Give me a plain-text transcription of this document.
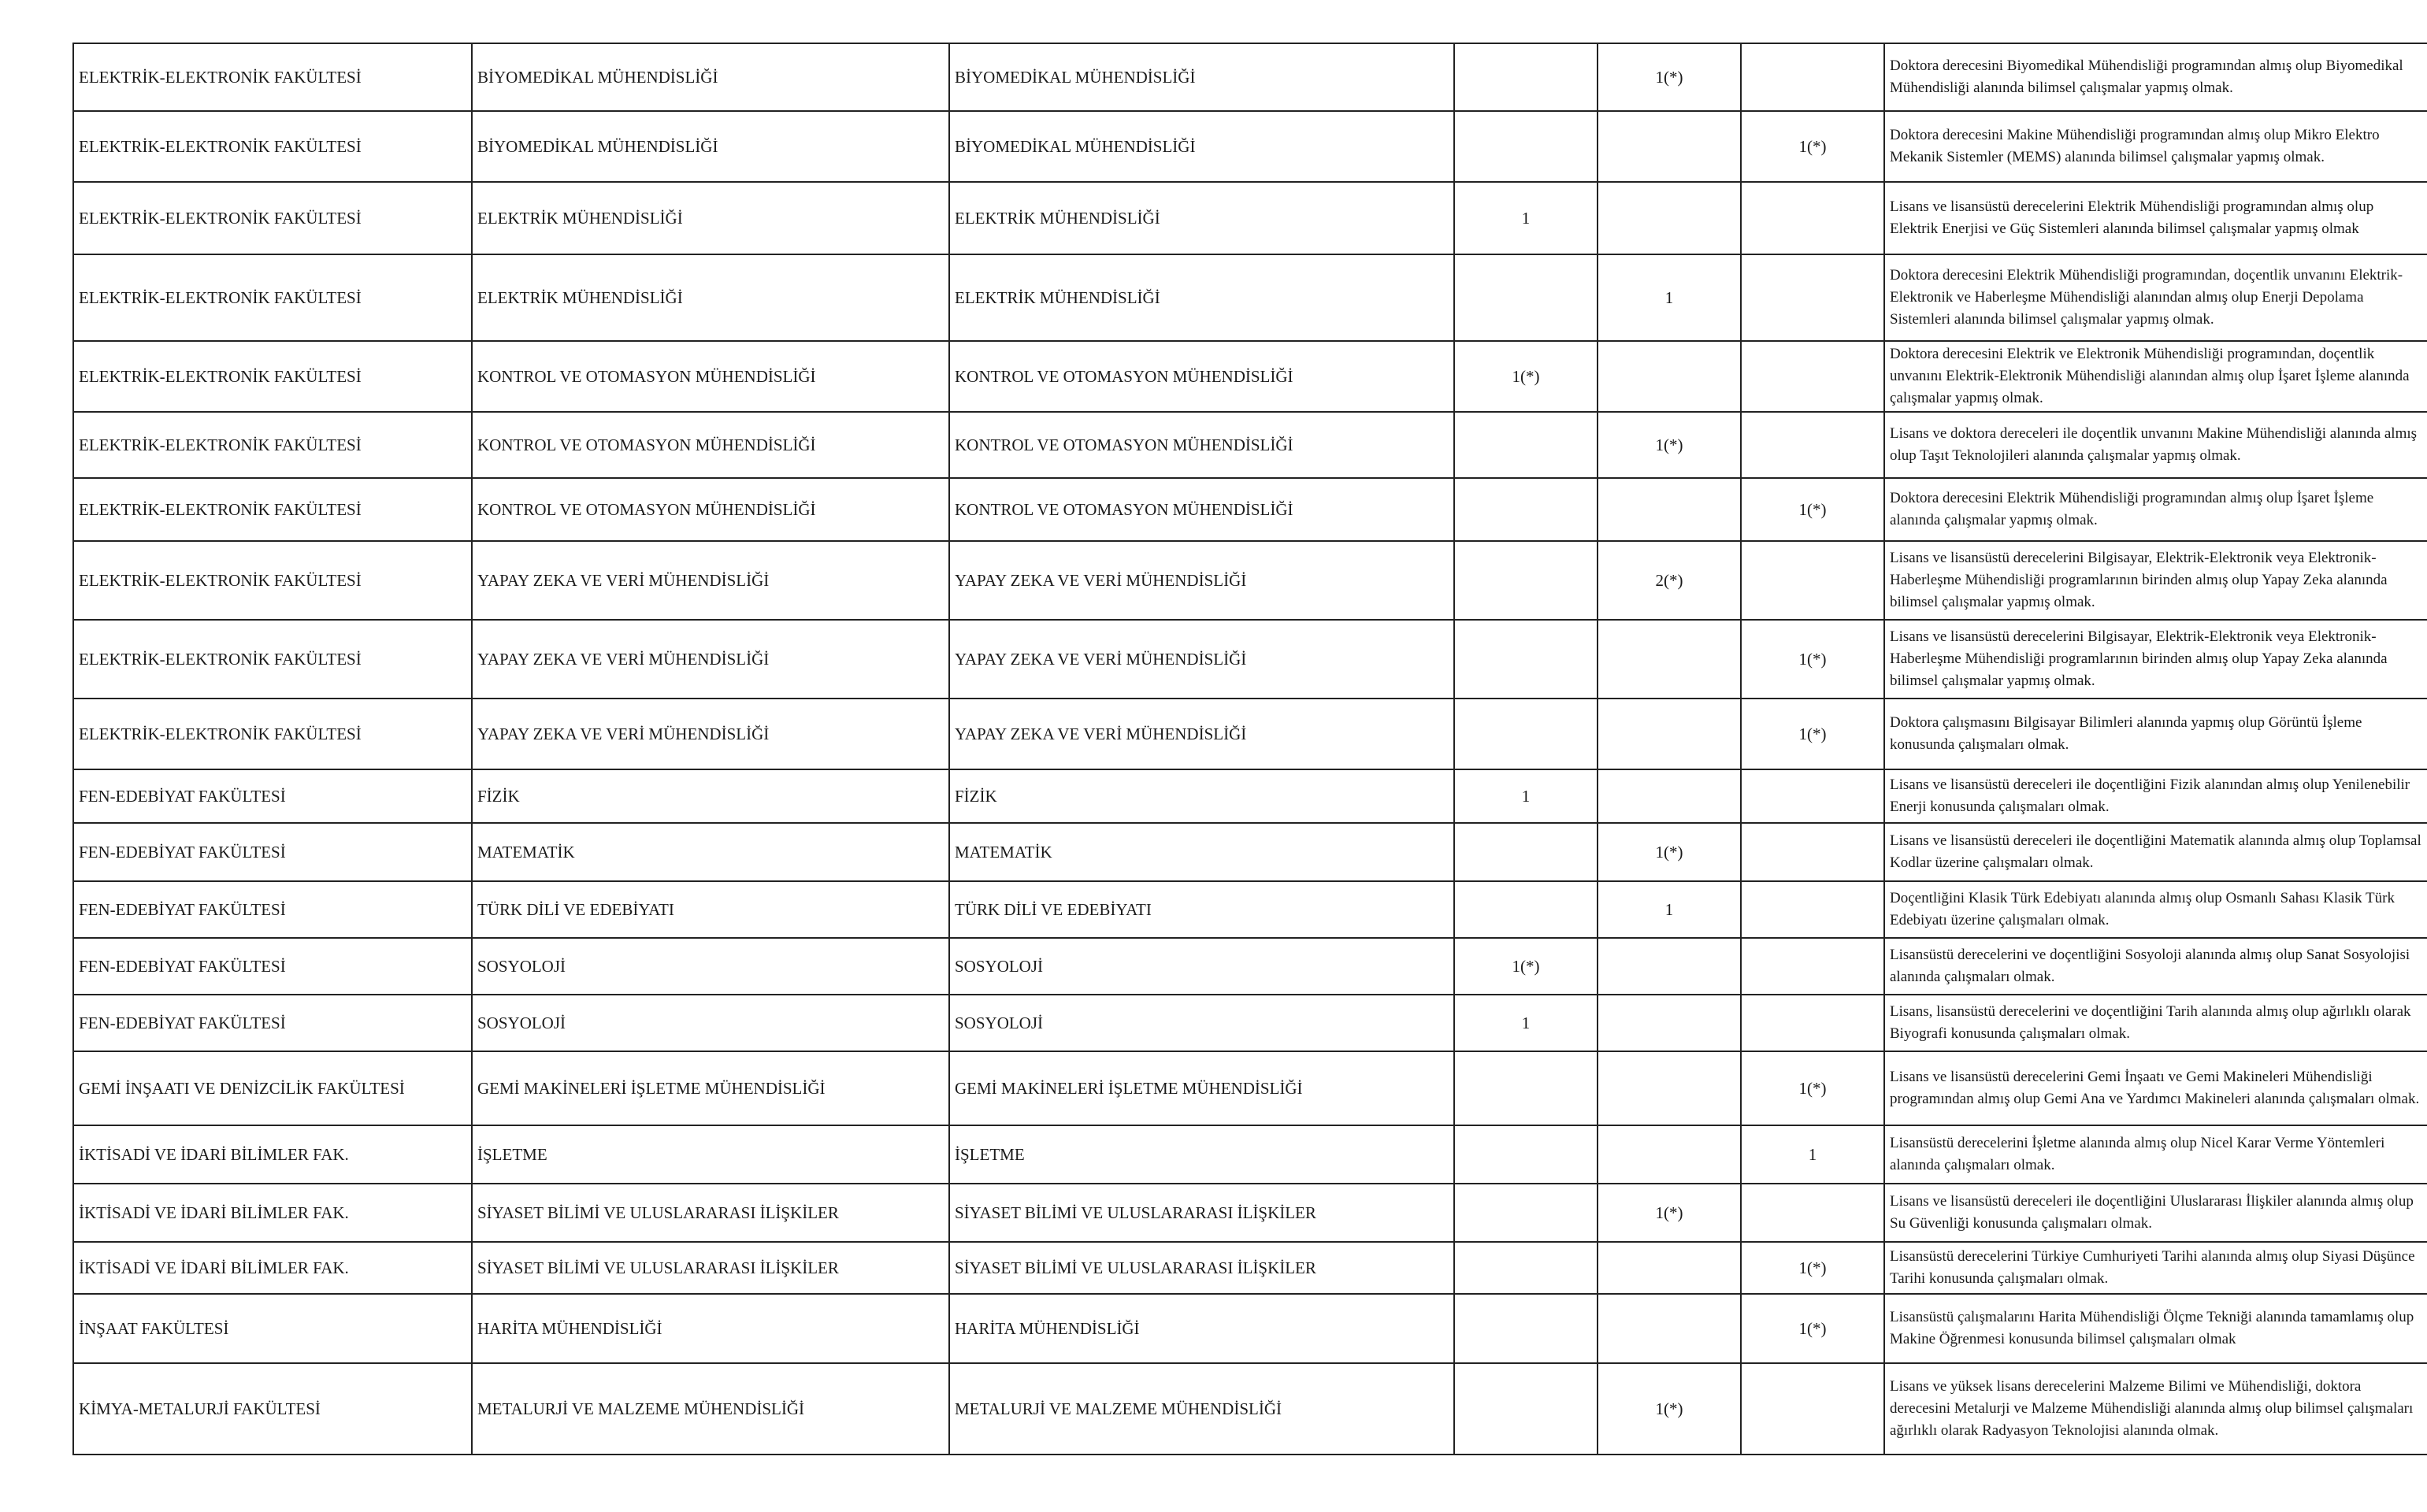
ELEKTRİK-ELEKTRONİK FAKÜLTESİ	BİYOMEDİKAL MÜHENDİSLİĞİ	BİYOMEDİKAL MÜHENDİSLİĞİ		1(*)		Doktora derecesini Biyomedikal Mühendisliği programından almış olup Biyomedikal Mühendisliği alanında bilimsel çalışmalar yapmış olmak.
ELEKTRİK-ELEKTRONİK FAKÜLTESİ	BİYOMEDİKAL MÜHENDİSLİĞİ	BİYOMEDİKAL MÜHENDİSLİĞİ			1(*)	Doktora derecesini Makine Mühendisliği programından almış olup Mikro Elektro Mekanik Sistemler (MEMS) alanında bilimsel çalışmalar yapmış olmak.
ELEKTRİK-ELEKTRONİK FAKÜLTESİ	ELEKTRİK MÜHENDİSLİĞİ	ELEKTRİK MÜHENDİSLİĞİ	1			Lisans ve lisansüstü derecelerini Elektrik Mühendisliği programından almış olup Elektrik Enerjisi ve Güç Sistemleri alanında bilimsel çalışmalar yapmış olmak
ELEKTRİK-ELEKTRONİK FAKÜLTESİ	ELEKTRİK MÜHENDİSLİĞİ	ELEKTRİK MÜHENDİSLİĞİ		1		Doktora derecesini Elektrik Mühendisliği programından, doçentlik unvanını Elektrik-Elektronik ve Haberleşme Mühendisliği alanından almış olup Enerji Depolama Sistemleri alanında bilimsel çalışmalar yapmış olmak.
ELEKTRİK-ELEKTRONİK FAKÜLTESİ	KONTROL VE OTOMASYON MÜHENDİSLİĞİ	KONTROL VE OTOMASYON MÜHENDİSLİĞİ	1(*)			Doktora derecesini Elektrik ve Elektronik Mühendisliği programından, doçentlik unvanını Elektrik-Elektronik Mühendisliği alanından almış olup İşaret İşleme alanında çalışmalar yapmış olmak.
ELEKTRİK-ELEKTRONİK FAKÜLTESİ	KONTROL VE OTOMASYON MÜHENDİSLİĞİ	KONTROL VE OTOMASYON MÜHENDİSLİĞİ		1(*)		Lisans ve doktora dereceleri ile doçentlik unvanını Makine Mühendisliği alanında almış olup Taşıt Teknolojileri alanında çalışmalar yapmış olmak.
ELEKTRİK-ELEKTRONİK FAKÜLTESİ	KONTROL VE OTOMASYON MÜHENDİSLİĞİ	KONTROL VE OTOMASYON MÜHENDİSLİĞİ			1(*)	Doktora derecesini Elektrik Mühendisliği programından almış olup İşaret İşleme alanında çalışmalar yapmış olmak.
ELEKTRİK-ELEKTRONİK FAKÜLTESİ	YAPAY ZEKA VE VERİ MÜHENDİSLİĞİ	YAPAY ZEKA VE VERİ MÜHENDİSLİĞİ		2(*)		Lisans ve lisansüstü derecelerini Bilgisayar, Elektrik-Elektronik veya Elektronik-Haberleşme Mühendisliği programlarının birinden almış olup Yapay Zeka alanında bilimsel çalışmalar yapmış olmak.
ELEKTRİK-ELEKTRONİK FAKÜLTESİ	YAPAY ZEKA VE VERİ MÜHENDİSLİĞİ	YAPAY ZEKA VE VERİ MÜHENDİSLİĞİ			1(*)	Lisans ve lisansüstü derecelerini Bilgisayar, Elektrik-Elektronik veya Elektronik-Haberleşme Mühendisliği programlarının birinden almış olup Yapay Zeka alanında bilimsel çalışmalar yapmış olmak.
ELEKTRİK-ELEKTRONİK FAKÜLTESİ	YAPAY ZEKA VE VERİ MÜHENDİSLİĞİ	YAPAY ZEKA VE VERİ MÜHENDİSLİĞİ			1(*)	Doktora çalışmasını Bilgisayar Bilimleri alanında yapmış olup Görüntü İşleme konusunda çalışmaları olmak.
FEN-EDEBİYAT FAKÜLTESİ	FİZİK	FİZİK	1			Lisans ve lisansüstü dereceleri ile doçentliğini Fizik alanından almış olup Yenilenebilir Enerji konusunda çalışmaları olmak.
FEN-EDEBİYAT FAKÜLTESİ	MATEMATİK	MATEMATİK		1(*)		Lisans ve lisansüstü dereceleri ile doçentliğini Matematik alanında almış olup Toplamsal Kodlar üzerine çalışmaları olmak.
FEN-EDEBİYAT FAKÜLTESİ	TÜRK DİLİ VE EDEBİYATI	TÜRK DİLİ VE EDEBİYATI		1		Doçentliğini Klasik Türk Edebiyatı alanında almış olup Osmanlı Sahası Klasik Türk Edebiyatı üzerine çalışmaları olmak.
FEN-EDEBİYAT FAKÜLTESİ	SOSYOLOJİ	SOSYOLOJİ	1(*)			Lisansüstü derecelerini ve doçentliğini Sosyoloji alanında almış olup Sanat Sosyolojisi alanında çalışmaları olmak.
FEN-EDEBİYAT FAKÜLTESİ	SOSYOLOJİ	SOSYOLOJİ	1			Lisans, lisansüstü derecelerini ve doçentliğini Tarih alanında almış olup ağırlıklı olarak Biyografi konusunda çalışmaları olmak.
GEMİ İNŞAATI VE DENİZCİLİK FAKÜLTESİ	GEMİ MAKİNELERİ İŞLETME MÜHENDİSLİĞİ	GEMİ MAKİNELERİ İŞLETME MÜHENDİSLİĞİ			1(*)	Lisans ve lisansüstü derecelerini Gemi İnşaatı ve Gemi Makineleri Mühendisliği programından almış olup Gemi Ana ve Yardımcı Makineleri alanında çalışmaları olmak.
İKTİSADİ VE İDARİ BİLİMLER FAK.	İŞLETME	İŞLETME			1	Lisansüstü derecelerini İşletme alanında almış olup Nicel Karar Verme Yöntemleri alanında çalışmaları olmak.
İKTİSADİ VE İDARİ BİLİMLER FAK.	SİYASET BİLİMİ VE ULUSLARARASI İLİŞKİLER	SİYASET BİLİMİ VE ULUSLARARASI İLİŞKİLER		1(*)		Lisans ve lisansüstü dereceleri ile doçentliğini Uluslararası İlişkiler alanında almış olup Su Güvenliği konusunda çalışmaları olmak.
İKTİSADİ VE İDARİ BİLİMLER FAK.	SİYASET BİLİMİ VE ULUSLARARASI İLİŞKİLER	SİYASET BİLİMİ VE ULUSLARARASI İLİŞKİLER			1(*)	Lisansüstü derecelerini Türkiye Cumhuriyeti Tarihi alanında almış olup Siyasi Düşünce Tarihi konusunda çalışmaları olmak.
İNŞAAT FAKÜLTESİ	HARİTA MÜHENDİSLİĞİ	HARİTA MÜHENDİSLİĞİ			1(*)	Lisansüstü çalışmalarını Harita Mühendisliği Ölçme Tekniği alanında tamamlamış olup Makine Öğrenmesi konusunda bilimsel çalışmaları olmak
KİMYA-METALURJİ FAKÜLTESİ	METALURJİ VE MALZEME MÜHENDİSLİĞİ	METALURJİ VE MALZEME MÜHENDİSLİĞİ		1(*)		Lisans ve yüksek lisans derecelerini Malzeme Bilimi ve Mühendisliği, doktora derecesini Metalurji ve Malzeme Mühendisliği alanında almış olup bilimsel çalışmaları ağırlıklı olarak Radyasyon Teknolojisi alanında olmak.
